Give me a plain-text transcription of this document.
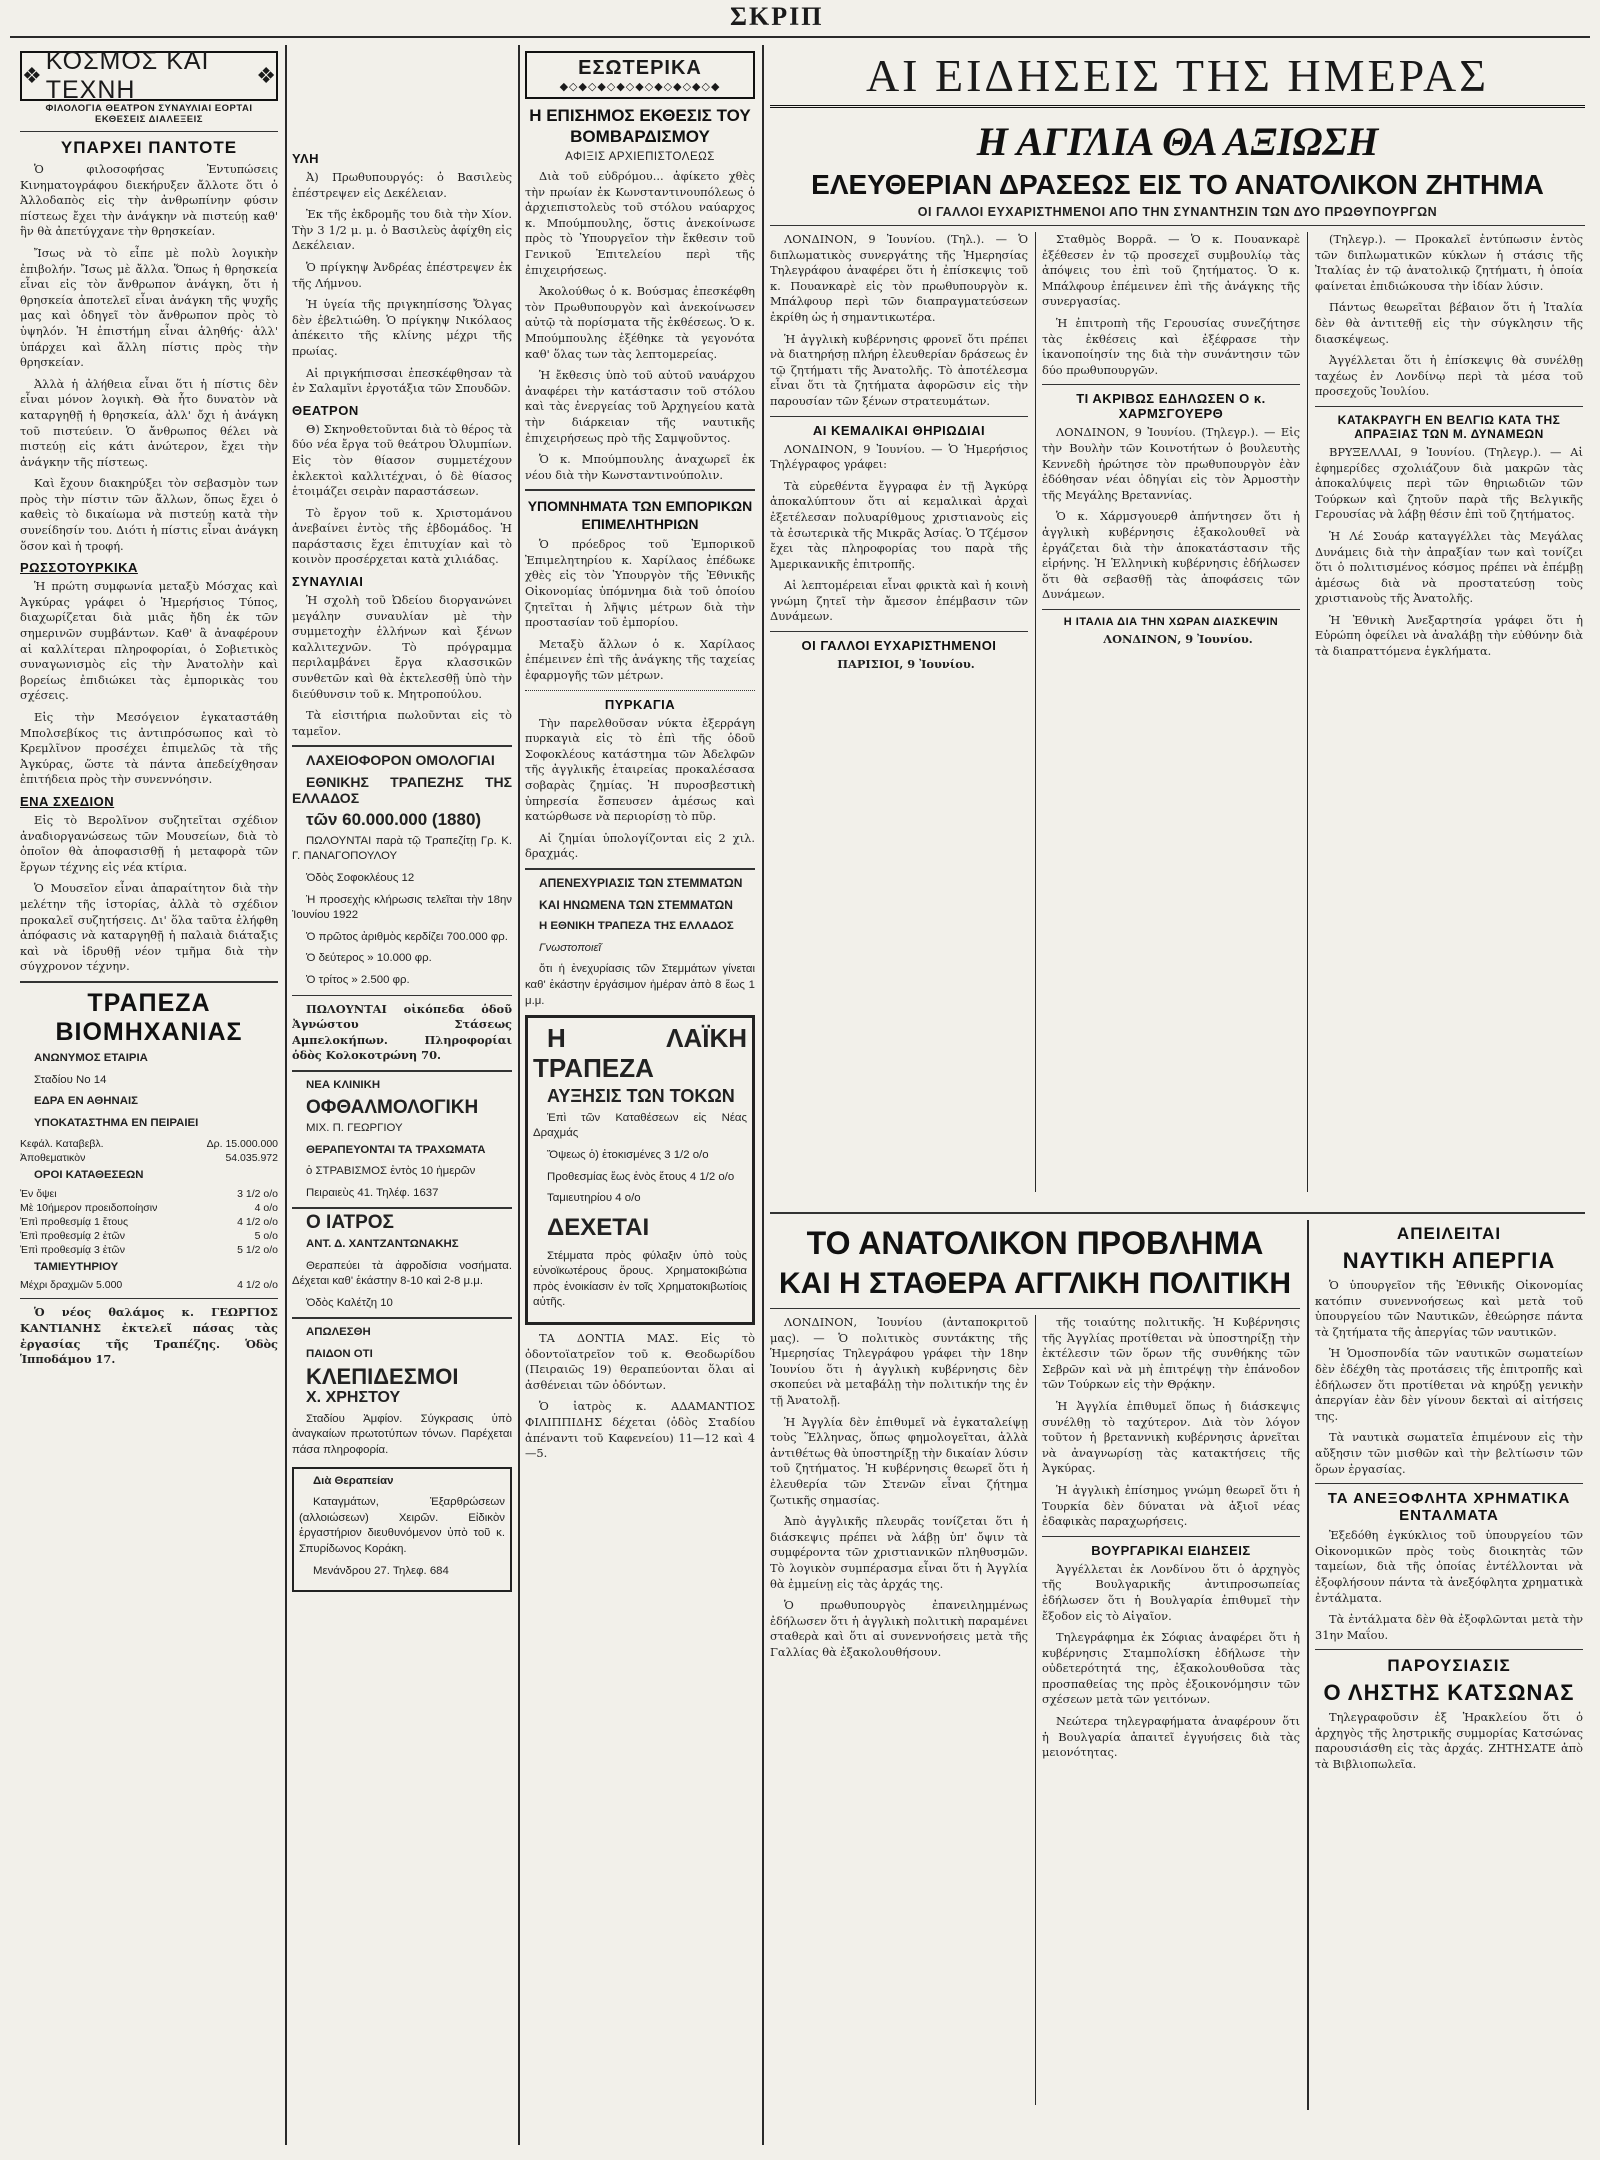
ΣΚΡΙΠ
❖
ΚΟΣΜΟΣ ΚΑΙ ΤΕΧΝΗ	❖
ΦΙΛΟΛΟΓΙΑ ΘΕΑΤΡΟΝ ΣΥΝΑΥΛΙΑΙ ΕΟΡΤΑΙ ΕΚΘΕΣΕΙΣ ΔΙΑΛΕΞΕΙΣ
ΥΠΑΡΧΕΙ ΠΑΝΤΟΤΕ

Ὁ φιλοσοφήσας Ἐντυπώσεις Κινηματογράφου διεκήρυξεν ἄλλοτε ὅτι ὁ Ἀλλοδαπὸς εἰς τὴν ἀνθρωπίνην φύσιν πίστεως ἔχει τὴν ἀνάγκην νὰ πιστεύῃ καθ' ἣν θὰ ἀπετύγχανε τὴν θρησκείαν.

Ἴσως νὰ τὸ εἶπε μὲ πολὺ λογικὴν ἐπιβολήν. Ἴσως μὲ ἄλλα. Ὅπως ἡ θρησκεία εἶναι εἰς τὸν ἄνθρωπον ἀνάγκη, ὅτι ἡ θρησκεία ἀποτελεῖ εἶναι ἀνάγκη τῆς ψυχῆς μας καὶ ὁδηγεῖ τὸν ἄνθρωπον πρὸς τὸ ὑψηλόν. Ἡ ἐπιστήμη εἶναι ἀληθής· ἀλλ' ὑπάρχει καὶ ἄλλη πίστις πρὸς τὴν θρησκείαν.

Ἀλλὰ ἡ ἀλήθεια εἶναι ὅτι ἡ πίστις δὲν εἶναι μόνον λογικὴ. Θὰ ἦτο δυνατὸν νὰ καταργηθῇ ἡ θρησκεία, ἀλλ' ὄχι ἡ ἀνάγκη τοῦ πιστεύειν. Ὁ ἄνθρωπος θέλει νὰ πιστεύῃ εἰς κάτι ἀνώτερον, ἔχει τὴν ἀνάγκην τῆς πίστεως.

Καὶ ἔχουν διακηρύξει τὸν σεβασμὸν των πρὸς τὴν πίστιν τῶν ἄλλων, ὅπως ἔχει ὁ καθεὶς τὸ δικαίωμα νὰ πιστεύῃ κατὰ τὴν συνείδησίν του. Διότι ἡ πίστις εἶναι ἀνάγκη ὅσον καὶ ἡ τροφή.

ΡΩΣΣΟΤΟΥΡΚΙΚΑ

Ἡ πρώτη συμφωνία μεταξὺ Μόσχας καὶ Ἀγκύρας γράφει ὁ Ἡμερήσιος Τύπος, διαχωρίζεται διὰ μιᾶς ἤδη ἐκ τῶν σημερινῶν συμβάντων. Καθ' ἃ ἀναφέρουν αἱ καλλίτεραι πληροφορίαι, ὁ Σοβιετικὸς συναγωνισμὸς εἰς τὴν Ἀνατολὴν καὶ βορείως ἐπιδιώκει τὰς ἐμπορικὰς του σχέσεις.

Εἰς τὴν Μεσόγειον ἐγκαταστάθη Μπολσεβίκος τις ἀντιπρόσωπος καὶ τὸ Κρεμλῖνον προσέχει ἐπιμελῶς τὰ τῆς Ἀγκύρας, ὥστε τὰ πάντα ἀπεδείχθησαν ἐπιτήδεια πρὸς τὴν συνεννόησιν.

ΕΝΑ ΣΧΕΔΙΟΝ

Εἰς τὸ Βερολῖνον συζητεῖται σχέδιον ἀναδιοργανώσεως τῶν Μουσείων, διὰ τὸ ὁποῖον θὰ ἀποφασισθῇ ἡ μεταφορὰ τῶν ἔργων τέχνης εἰς νέα κτίρια.

Ὁ Μουσεῖον εἶναι ἀπαραίτητον διὰ τὴν μελέτην τῆς ἱστορίας, ἀλλὰ τὸ σχέδιον προκαλεῖ συζητήσεις. Δι' ὅλα ταῦτα ἐλήφθη ἀπόφασις νὰ καταργηθῇ ἡ παλαιὰ διάταξις καὶ νὰ ἱδρυθῇ νέον τμῆμα διὰ τὴν σύγχρονον τέχνην.

ΤΡΑΠΕΖΑ ΒΙΟΜΗΧΑΝΙΑΣ

ΑΝΩΝΥΜΟΣ ΕΤΑΙΡΙΑ

Σταδίου Νο 14

ΕΔΡΑ ΕΝ ΑΘΗΝΑΙΣ

ΥΠΟΚΑΤΑΣΤΗΜΑ ΕΝ ΠΕΙΡΑΙΕΙ

Κεφάλ. Καταβεβλ.	Δρ. 15.000.000
Ἀποθεματικὸν	54.035.972

ΟΡΟΙ ΚΑΤΑΘΕΣΕΩΝ

Ἐν ὄψει	3 1/2 ο/ο
Μὲ 10ήμερον προειδοποίησιν	4 ο/ο
Ἐπὶ προθεσμίᾳ 1 ἔτους	4 1/2 ο/ο
Ἐπὶ προθεσμίᾳ 2 ἐτῶν	5 ο/ο
Ἐπὶ προθεσμίᾳ 3 ἐτῶν	5 1/2 ο/ο

ΤΑΜΙΕΥΤΗΡΙΟΥ

Μέχρι δραχμῶν 5.000	4 1/2 ο/ο

Ὁ νέος θαλάμος κ. ΓΕΩΡΓΙΟΣ ΚΑΝΤΙΑΝΗΣ ἐκτελεῖ πάσας τὰς ἐργασίας τῆς Τραπέζης. Ὁδὸς Ἱπποδάμου 17.

ΥΛΗ

Ἀ) Πρωθυπουργός: ὁ Βασιλεὺς ἐπέστρεψεν εἰς Δεκέλειαν.

Ἐκ τῆς ἐκδρομῆς του διὰ τὴν Χίον. Τὴν 3 1/2 μ. μ. ὁ Βασιλεὺς ἀφίχθη εἰς Δεκέλειαν.

Ὁ πρίγκηψ Ἀνδρέας ἐπέστρεψεν ἐκ τῆς Λήμνου.

Ἡ ὑγεία τῆς πριγκηπίσσης Ὄλγας δὲν ἐβελτιώθη. Ὁ πρίγκηψ Νικόλαος ἀπέκειτο τῆς κλίνης μέχρι τῆς πρωίας.

Αἱ πριγκήπισσαι ἐπεσκέφθησαν τὰ ἐν Σαλαμῖνι ἐργοτάξια τῶν Σπουδῶν.

ΘΕΑΤΡΟΝ

Θ) Σκηνοθετοῦνται διὰ τὸ θέρος τὰ δύο νέα ἔργα τοῦ θεάτρου Ὀλυμπίων. Εἰς τὸν θίασον συμμετέχουν ἐκλεκτοὶ καλλιτέχναι, ὁ δὲ θίασος ἑτοιμάζει σειρὰν παραστάσεων.

Τὸ ἔργον τοῦ κ. Χριστομάνου ἀνεβαίνει ἐντὸς τῆς ἑβδομάδος. Ἡ παράστασις ἔχει ἐπιτυχίαν καὶ τὸ κοινὸν προσέρχεται κατὰ χιλιάδας.

ΣΥΝΑΥΛΙΑΙ

Ἡ σχολὴ τοῦ Ὠδείου διοργανώνει μεγάλην συναυλίαν μὲ τὴν συμμετοχὴν ἑλλήνων καὶ ξένων καλλιτεχνῶν. Τὸ πρόγραμμα περιλαμβάνει ἔργα κλασσικῶν συνθετῶν καὶ θὰ ἐκτελεσθῇ ὑπὸ τὴν διεύθυνσιν τοῦ κ. Μητροπούλου.

Τὰ εἰσιτήρια πωλοῦνται εἰς τὸ ταμεῖον.

ΛΑΧΕΙΟΦΟΡΟΝ ΟΜΟΛΟΓΙΑΙ

ΕΘΝΙΚΗΣ ΤΡΑΠΕΖΗΣ ΤΗΣ ΕΛΛΑΔΟΣ

τῶν 60.000.000 (1880)

ΠΩΛΟΥΝΤΑΙ παρὰ τῷ Τραπεζίτῃ Γρ. Κ. Γ. ΠΑΝΑΓΟΠΟΥΛΟΥ

Ὁδὸς Σοφοκλέους 12

Ἡ προσεχὴς κλήρωσις τελεῖται τὴν 18ην Ἰουνίου 1922

Ὁ πρῶτος ἀριθμὸς κερδίζει 700.000 φρ.

Ὁ δεύτερος » 10.000 φρ.

Ὁ τρίτος » 2.500 φρ.

ΠΩΛΟΥΝΤΑΙ οἰκόπεδα ὁδοῦ Ἀγνώστου Στάσεως Αμπελοκήπων. Πληροφορίαι ὁδὸς Κολοκοτρώνη 70.

ΝΕΑ ΚΛΙΝΙΚΗ

ΟΦΘΑΛΜΟΛΟΓΙΚΗ

ΜΙΧ. Π. ΓΕΩΡΓΙΟΥ

ΘΕΡΑΠΕΥΟΝΤΑΙ ΤΑ ΤΡΑΧΩΜΑΤΑ

ὁ ΣΤΡΑΒΙΣΜΟΣ ἐντὸς 10 ἡμερῶν

Πειραιεὺς 41. Τηλέφ. 1637

Ο ΙΑΤΡΟΣ

ΑΝΤ. Δ. ΧΑΝΤΖΑΝΤΩΝΑΚΗΣ

Θεραπεύει τὰ ἀφροδίσια νοσήματα. Δέχεται καθ' ἑκάστην 8-10 καὶ 2-8 μ.μ.

Ὁδὸς Καλέτζη 10

ΑΠΩΛΕΣΘΗ

ΠΑΙΔΟΝ ΟΤΙ

ΚΛΕΠΙΔΕΣΜΟΙ

Χ. ΧΡΗΣΤΟΥ

Σταδίου Ἀμφίον. Σύγκρασις ὑπὸ ἀναγκαίων πρωτοτύπων τόνων. Παρέχεται πάσα πληροφορία.

Διὰ Θεραπείαν

Καταγμάτων, Ἐξαρθρώσεων (αλλοιώσεων) Χειρῶν. Εἰδικὸν ἐργαστήριον διευθυνόμενον ὑπὸ τοῦ κ. Σπυρίδωνος Κοράκη.

Μενάνδρου 27. Τηλεφ. 684

ΕΣΩΤΕΡΙΚΑ
◆◇◆◇◆◇◆◇◆◇◆◇◆◇◆◇◆
Η ΕΠΙΣΗΜΟΣ ΕΚΘΕΣΙΣ ΤΟΥ ΒΟΜΒΑΡΔΙΣΜΟΥ
ΑΦΙΞΙΣ ΑΡΧΙΕΠΙΣΤΟΛΕΩΣ

Διὰ τοῦ εὐδρόμου... ἀφίκετο χθὲς τὴν πρωίαν ἐκ Κωνσταντινουπόλεως ὁ ἀρχιεπιστολεὺς τοῦ στόλου ναύαρχος κ. Μπούμπουλης, ὅστις ἀνεκοίνωσε πρὸς τὸ Ὑπουργεῖον τὴν ἔκθεσιν τοῦ Γενικοῦ Ἐπιτελείου περὶ τῆς ἐπιχειρήσεως.

Ἀκολούθως ὁ κ. Βούσμας ἐπεσκέφθη τὸν Πρωθυπουργὸν καὶ ἀνεκοίνωσεν αὐτῷ τὰ πορίσματα τῆς ἐκθέσεως. Ὁ κ. Μπούμπουλης ἐξέθηκε τὰ γεγονότα καθ' ὅλας των τὰς λεπτομερείας.

Ἡ ἔκθεσις ὑπὸ τοῦ αὐτοῦ ναυάρχου ἀναφέρει τὴν κατάστασιν τοῦ στόλου καὶ τὰς ἐνεργείας τοῦ Ἀρχηγείου κατὰ τὴν διάρκειαν τῆς ναυτικῆς ἐπιχειρήσεως πρὸ τῆς Σαμψοῦντος.

Ὁ κ. Μπούμπουλης ἀναχωρεῖ ἐκ νέου διὰ τὴν Κωνσταντινούπολιν.

ΥΠΟΜΝΗΜΑΤΑ ΤΩΝ ΕΜΠΟΡΙΚΩΝ ΕΠΙΜΕΛΗΤΗΡΙΩΝ

Ὁ πρόεδρος τοῦ Ἐμπορικοῦ Ἐπιμελητηρίου κ. Χαρίλαος ἐπέδωκε χθὲς εἰς τὸν Ὑπουργὸν τῆς Ἐθνικῆς Οἰκονομίας ὑπόμνημα διὰ τοῦ ὁποίου ζητεῖται ἡ λῆψις μέτρων διὰ τὴν προστασίαν τοῦ ἐμπορίου.

Μεταξὺ ἄλλων ὁ κ. Χαρίλαος ἐπέμεινεν ἐπὶ τῆς ἀνάγκης τῆς ταχείας ἐφαρμογῆς τῶν μέτρων.

ΠΥΡΚΑΓΙΑ

Τὴν παρελθοῦσαν νύκτα ἐξερράγη πυρκαγιὰ εἰς τὸ ἐπὶ τῆς ὁδοῦ Σοφοκλέους κατάστημα τῶν Ἀδελφῶν τῆς ἀγγλικῆς ἑταιρείας προκαλέσασα σοβαρὰς ζημίας. Ἡ πυροσβεστικὴ ὑπηρεσία ἔσπευσεν ἀμέσως καὶ κατώρθωσε νὰ περιορίσῃ τὸ πῦρ.

Αἱ ζημίαι ὑπολογίζονται εἰς 2 χιλ. δραχμάς.

ΑΠΕΝΕΧΥΡΙΑΣΙΣ ΤΩΝ ΣΤΕΜΜΑΤΩΝ

ΚΑΙ ΗΝΩΜΕΝΑ ΤΩΝ ΣΤΕΜΜΑΤΩΝ

Η ΕΘΝΙΚΗ ΤΡΑΠΕΖΑ ΤΗΣ ΕΛΛΑΔΟΣ

Γνωστοποιεῖ

ὅτι ἡ ἐνεχυρίασις τῶν Στεμμάτων γίνεται καθ' ἑκάστην ἐργάσιμον ἡμέραν ἀπὸ 8 ἕως 1 μ.μ.

Η ΛΑΪΚΗ ΤΡΑΠΕΖΑ

ΑΥΞΗΣΙΣ ΤΩΝ ΤΟΚΩΝ

Ἐπὶ τῶν Καταθέσεων εἰς Νέας Δραχμάς

Ὄψεως ὁ) ἐτοκισμένες 3 1/2 ο/ο

Προθεσμίας ἕως ἑνὸς ἔτους 4 1/2 ο/ο

Ταμιευτηρίου 4 ο/ο

ΔΕΧΕΤΑΙ

Στέμματα πρὸς φύλαξιν ὑπὸ τοὺς εὐνοϊκωτέρους ὅρους. Χρηματοκιβώτια πρὸς ἐνοικίασιν ἐν τοῖς Χρηματοκιβωτίοις αὐτῆς.

ΤΑ ΔΟΝΤΙΑ ΜΑΣ. Εἰς τὸ ὀδοντοϊατρεῖον τοῦ κ. Θεοδωρίδου (Πειραιῶς 19) θεραπεύονται ὅλαι αἱ ἀσθένειαι τῶν ὀδόντων.

Ὁ ἰατρὸς κ. ΑΔΑΜΑΝΤΙΟΣ ΦΙΛΙΠΠΙΔΗΣ δέχεται (ὁδὸς Σταδίου ἀπέναντι τοῦ Καφενείου) 11—12 καὶ 4—5.

ΑΙ ΕΙΔΗΣΕΙΣ ΤΗΣ ΗΜΕΡΑΣ
Η ΑΓΓΛΙΑ ΘΑ ΑΞΙΩΣΗ
ΕΛΕΥΘΕΡΙΑΝ ΔΡΑΣΕΩΣ ΕΙΣ ΤΟ ΑΝΑΤΟΛΙΚΟΝ ΖΗΤΗΜΑ
ΟΙ ΓΑΛΛΟΙ ΕΥΧΑΡΙΣΤΗΜΕΝΟΙ ΑΠΟ ΤΗΝ ΣΥΝΑΝΤΗΣΙΝ ΤΩΝ ΔΥΟ ΠΡΩΘΥΠΟΥΡΓΩΝ

ΛΟΝΔΙΝΟΝ, 9 Ἰουνίου. (Τηλ.). — Ὁ διπλωματικὸς συνεργάτης τῆς Ἡμερησίας Τηλεγράφου ἀναφέρει ὅτι ἡ ἐπίσκεψις τοῦ κ. Πουανκαρὲ εἰς τὸν πρωθυπουργὸν κ. Μπάλφουρ περὶ τῶν διαπραγματεύσεων ἐκρίθη ὡς ἡ σημαντικωτέρα.

Ἡ ἀγγλικὴ κυβέρνησις φρονεῖ ὅτι πρέπει νὰ διατηρήσῃ πλήρη ἐλευθερίαν δράσεως ἐν τῷ ζητήματι τῆς Ἀνατολῆς. Τὸ ἀποτέλεσμα εἶναι ὅτι τὰ ζητήματα ἀφορῶσιν εἰς τὴν παρουσίαν τῶν ξένων στρατευμάτων.

ΑΙ ΚΕΜΑΛΙΚΑΙ ΘΗΡΙΩΔΙΑΙ

ΛΟΝΔΙΝΟΝ, 9 Ἰουνίου. — Ὁ Ἡμερήσιος Τηλέγραφος γράφει:

Τὰ εὑρεθέντα ἔγγραφα ἐν τῇ Ἀγκύρᾳ ἀποκαλύπτουν ὅτι αἱ κεμαλικαὶ ἀρχαὶ ἐξετέλεσαν πολυαρίθμους χριστιανοὺς εἰς τὰ ἐσωτερικὰ τῆς Μικρᾶς Ἀσίας. Ὁ Τζέμσον ἔχει τὰς πληροφορίας του παρὰ τῆς Ἀμερικανικῆς ἐπιτροπῆς.

Αἱ λεπτομέρειαι εἶναι φρικτὰ καὶ ἡ κοινὴ γνώμη ζητεῖ τὴν ἄμεσον ἐπέμβασιν τῶν Δυνάμεων.

ΟΙ ΓΑΛΛΟΙ ΕΥΧΑΡΙΣΤΗΜΕΝΟΙ

ΠΑΡΙΣΙΟΙ, 9 Ἰουνίου.

Σταθμὸς Βορρᾶ. — Ὁ κ. Πουανκαρὲ ἐξέθεσεν ἐν τῷ προσεχεῖ συμβουλίῳ τὰς ἀπόψεις του ἐπὶ τοῦ ζητήματος. Ὁ κ. Μπάλφουρ ἐπέμεινεν ἐπὶ τῆς ἀνάγκης τῆς συνεργασίας.

Ἡ ἐπιτροπὴ τῆς Γερουσίας συνεζήτησε τὰς ἐκθέσεις καὶ ἐξέφρασε τὴν ἱκανοποίησίν της διὰ τὴν συνάντησιν τῶν δύο πρωθυπουργῶν.

ΤΙ ΑΚΡΙΒΩΣ ΕΔΗΛΩΣΕΝ Ο κ. ΧΑΡΜΣΓΟΥΕΡΘ

ΛΟΝΔΙΝΟΝ, 9 Ἰουνίου. (Τηλεγρ.). — Εἰς τὴν Βουλὴν τῶν Κοινοτήτων ὁ βουλευτὴς Κεννεδὴ ἠρώτησε τὸν πρωθυπουργὸν ἐὰν ἐδόθησαν νέαι ὁδηγίαι εἰς τὸν Ἀρμοστὴν τῆς Μεγάλης Βρεταννίας.

Ὁ κ. Χάρμσγουερθ ἀπήντησεν ὅτι ἡ ἀγγλικὴ κυβέρνησις ἐξακολουθεῖ νὰ ἐργάζεται διὰ τὴν ἀποκατάστασιν τῆς εἰρήνης. Ἡ Ἑλληνικὴ κυβέρνησις ἐδήλωσεν ὅτι θὰ σεβασθῇ τὰς ἀποφάσεις τῶν Δυνάμεων.

Η ΙΤΑΛΙΑ ΔΙΑ ΤΗΝ ΧΩΡΑΝ ΔΙΑΣΚΕΨΙΝ

ΛΟΝΔΙΝΟΝ, 9 Ἰουνίου.

(Τηλεγρ.). — Προκαλεῖ ἐντύπωσιν ἐντὸς τῶν διπλωματικῶν κύκλων ἡ στάσις τῆς Ἰταλίας ἐν τῷ ἀνατολικῷ ζητήματι, ἡ ὁποία φαίνεται ἐπιδιώκουσα τὴν ἰδίαν λύσιν.

Πάντως θεωρεῖται βέβαιον ὅτι ἡ Ἰταλία δὲν θὰ ἀντιτεθῇ εἰς τὴν σύγκλησιν τῆς διασκέψεως.

Ἀγγέλλεται ὅτι ἡ ἐπίσκεψις θὰ συνέλθῃ ταχέως ἐν Λονδίνῳ περὶ τὰ μέσα τοῦ προσεχοῦς Ἰουλίου.

ΚΑΤΑΚΡΑΥΓΗ ΕΝ ΒΕΛΓΙΩ ΚΑΤΑ ΤΗΣ ΑΠΡΑΞΙΑΣ ΤΩΝ Μ. ΔΥΝΑΜΕΩΝ

ΒΡΥΞΕΛΛΑΙ, 9 Ἰουνίου. (Τηλεγρ.). — Αἱ ἐφημερίδες σχολιάζουν διὰ μακρῶν τὰς ἀποκαλύψεις περὶ τῶν θηριωδιῶν τῶν Τούρκων καὶ ζητοῦν παρὰ τῆς Βελγικῆς Γερουσίας νὰ λάβῃ θέσιν ἐπὶ τοῦ ζητήματος.

Ἡ Λέ Σουάρ καταγγέλλει τὰς Μεγάλας Δυνάμεις διὰ τὴν ἀπραξίαν των καὶ τονίζει ὅτι ὁ πολιτισμένος κόσμος πρέπει νὰ ἐπέμβῃ ἀμέσως διὰ νὰ προστατεύσῃ τοὺς χριστιανοὺς τῆς Ἀνατολῆς.

Ἡ Ἐθνικὴ Ἀνεξαρτησία γράφει ὅτι ἡ Εὐρώπη ὀφείλει νὰ ἀναλάβῃ τὴν εὐθύνην διὰ τὰ διαπραττόμενα ἐγκλήματα.

ΤΟ ΑΝΑΤΟΛΙΚΟΝ ΠΡΟΒΛΗΜΑ
ΚΑΙ Η ΣΤΑΘΕΡΑ ΑΓΓΛΙΚΗ ΠΟΛΙΤΙΚΗ

ΛΟΝΔΙΝΟΝ, Ἰουνίου (ἀνταποκριτοῦ μας). — Ὁ πολιτικὸς συντάκτης τῆς Ἡμερησίας Τηλεγράφου γράφει τὴν 18ην Ἰουνίου ὅτι ἡ ἀγγλικὴ κυβέρνησις δὲν σκοπεύει νὰ μεταβάλῃ τὴν πολιτικήν της ἐν τῇ Ἀνατολῇ.

Ἡ Ἀγγλία δὲν ἐπιθυμεῖ νὰ ἐγκαταλείψῃ τοὺς Ἕλληνας, ὅπως φημολογεῖται, ἀλλὰ ἀντιθέτως θὰ ὑποστηρίξῃ τὴν δικαίαν λύσιν τοῦ ζητήματος. Ἡ κυβέρνησις θεωρεῖ ὅτι ἡ ἐλευθερία τῶν Στενῶν εἶναι ζήτημα ζωτικῆς σημασίας.

Ἀπὸ ἀγγλικῆς πλευρᾶς τονίζεται ὅτι ἡ διάσκεψις πρέπει νὰ λάβῃ ὑπ' ὄψιν τὰ συμφέροντα τῶν χριστιανικῶν πληθυσμῶν. Τὸ λογικὸν συμπέρασμα εἶναι ὅτι ἡ Ἀγγλία θὰ ἐμμείνῃ εἰς τὰς ἀρχάς της.

Ὁ πρωθυπουργὸς ἐπανειλημμένως ἐδήλωσεν ὅτι ἡ ἀγγλικὴ πολιτικὴ παραμένει σταθερὰ καὶ ὅτι αἱ συνεννοήσεις μετὰ τῆς Γαλλίας θὰ ἐξακολουθήσουν.

τῆς τοιαύτης πολιτικῆς. Ἡ Κυβέρνησις τῆς Ἀγγλίας προτίθεται νὰ ὑποστηρίξῃ τὴν ἐκτέλεσιν τῶν ὅρων τῆς συνθήκης τῶν Σεβρῶν καὶ νὰ μὴ ἐπιτρέψῃ τὴν ἐπάνοδον τῶν Τούρκων εἰς τὴν Θρᾴκην.

Ἡ Ἀγγλία ἐπιθυμεῖ ὅπως ἡ διάσκεψις συνέλθῃ τὸ ταχύτερον. Διὰ τὸν λόγον τοῦτον ἡ βρεταννικὴ κυβέρνησις ἀρνεῖται νὰ ἀναγνωρίσῃ τὰς κατακτήσεις τῆς Ἀγκύρας.

Ἡ ἀγγλικὴ ἐπίσημος γνώμη θεωρεῖ ὅτι ἡ Τουρκία δὲν δύναται νὰ ἀξιοῖ νέας ἐδαφικὰς παραχωρήσεις.

ΒΟΥΡΓΑΡΙΚΑΙ ΕΙΔΗΣΕΙΣ

Ἀγγέλλεται ἐκ Λονδίνου ὅτι ὁ ἀρχηγὸς τῆς Βουλγαρικῆς ἀντιπροσωπείας ἐδήλωσεν ὅτι ἡ Βουλγαρία ἐπιθυμεῖ τὴν ἔξοδον εἰς τὸ Αἰγαῖον.

Τηλεγράφημα ἐκ Σόφιας ἀναφέρει ὅτι ἡ κυβέρνησις Σταμπολίσκη ἐδήλωσε τὴν οὐδετερότητά της, ἐξακολουθοῦσα τὰς προσπαθείας της πρὸς ἐξοικονόμησιν τῶν σχέσεων μετὰ τῶν γειτόνων.

Νεώτερα τηλεγραφήματα ἀναφέρουν ὅτι ἡ Βουλγαρία ἀπαιτεῖ ἐγγυήσεις διὰ τὰς μειονότητας.

ΑΠΕΙΛΕΙΤΑΙ
ΝΑΥΤΙΚΗ ΑΠΕΡΓΙΑ

Ὁ ὑπουργεῖον τῆς Ἐθνικῆς Οἰκονομίας κατόπιν συνεννοήσεως καὶ μετὰ τοῦ ὑπουργείου τῶν Ναυτικῶν, ἐθεώρησε πάντα τὰ ζητήματα τῆς ἀπεργίας τῶν ναυτικῶν.

Ἡ Ὁμοσπονδία τῶν ναυτικῶν σωματείων δὲν ἐδέχθη τὰς προτάσεις τῆς ἐπιτροπῆς καὶ ἐδήλωσεν ὅτι προτίθεται νὰ κηρύξῃ γενικὴν ἀπεργίαν ἐὰν δὲν γίνουν δεκταὶ αἱ αἰτήσεις της.

Τὰ ναυτικὰ σωματεῖα ἐπιμένουν εἰς τὴν αὔξησιν τῶν μισθῶν καὶ τὴν βελτίωσιν τῶν ὅρων ἐργασίας.

ΤΑ ΑΝΕΞΟΦΛΗΤΑ ΧΡΗΜΑΤΙΚΑ ΕΝΤΑΛΜΑΤΑ

Ἐξεδόθη ἐγκύκλιος τοῦ ὑπουργείου τῶν Οἰκονομικῶν πρὸς τοὺς διοικητὰς τῶν ταμείων, διὰ τῆς ὁποίας ἐντέλλονται νὰ ἐξοφλήσουν πάντα τὰ ἀνεξόφλητα χρηματικὰ ἐντάλματα.

Τὰ ἐντάλματα δὲν θὰ ἐξοφλῶνται μετὰ τὴν 31ην Μαΐου.

ΠΑΡΟΥΣΙΑΣΙΣ
Ο ΛΗΣΤΗΣ ΚΑΤΣΩΝΑΣ

Τηλεγραφοῦσιν ἐξ Ἡρακλείου ὅτι ὁ ἀρχηγὸς τῆς ληστρικῆς συμμορίας Κατσώνας παρουσιάσθη εἰς τὰς ἀρχάς. ΖΗΤΗΣΑΤΕ ἀπὸ τὰ Βιβλιοπωλεῖα.
